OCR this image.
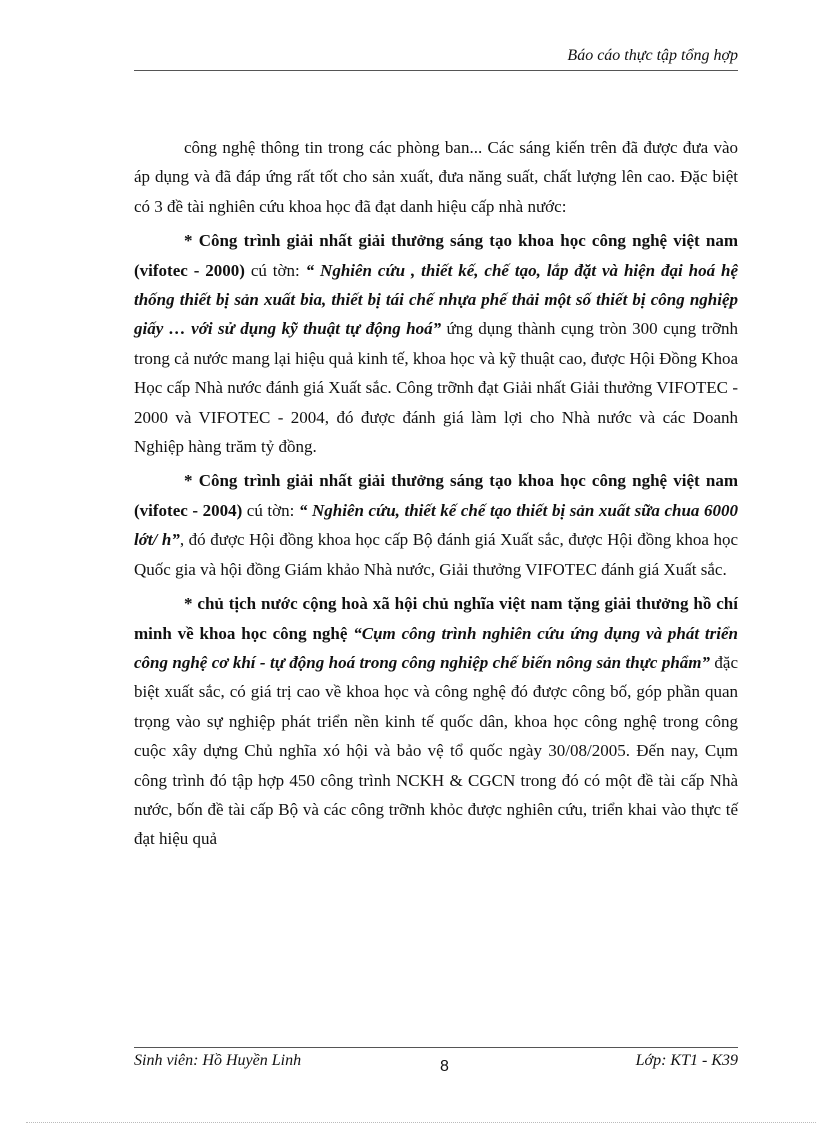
Báo cáo thực tập tổng hợp

công nghệ thông tin trong các phòng ban... Các sáng kiến trên đã được đưa vào áp dụng và đã đáp ứng rất tốt cho sản xuất, đưa năng suất, chất lượng lên cao. Đặc biệt có 3 đề tài nghiên cứu khoa học đã đạt danh hiệu cấp nhà nước:

* Công trình giải nhất giải thưởng sáng tạo khoa học công nghệ việt nam (vifotec - 2000) cú tờn: “ Nghiên cứu , thiết kế, chế tạo, lắp đặt và hiện đại hoá hệ thống thiết bị sản xuất bia, thiết bị tái chế nhựa phế thải một số thiết bị công nghiệp giấy … với sử dụng kỹ thuật tự động hoá” ứng dụng thành cụng tròn 300 cụng trỡnh trong cả nước mang lại hiệu quả kinh tế, khoa học và kỹ thuật cao, được Hội Đồng Khoa Học cấp Nhà nước đánh giá Xuất sắc. Công trỡnh đạt Giải nhất Giải thưởng VIFOTEC - 2000 và VIFOTEC - 2004, đó được đánh giá làm lợi cho Nhà nước và các Doanh Nghiệp hàng trăm tỷ đồng.

* Công trình giải nhất giải thưởng sáng tạo khoa học công nghệ việt nam (vifotec - 2004) cú tờn: “ Nghiên cứu, thiết kế chế tạo thiết bị sản xuất sữa chua 6000 lớt/ h”, đó được Hội đồng khoa học cấp Bộ đánh giá Xuất sắc, được Hội đồng khoa học Quốc gia và hội đồng Giám khảo Nhà nước, Giải thưởng VIFOTEC đánh giá Xuất sắc.

* chủ tịch nước cộng hoà xã hội chủ nghĩa việt nam tặng giải thưởng hồ chí minh về khoa học công nghệ “Cụm công trình nghiên cứu ứng dụng và phát triển công nghệ cơ khí - tự động hoá trong công nghiệp chế biến nông sản thực phẩm” đặc biệt xuất sắc, có giá trị cao về khoa học và công nghệ đó được công bố, góp phần quan trọng vào sự nghiệp phát triển nền kinh tế quốc dân, khoa học công nghệ trong công cuộc xây dựng Chủ nghĩa xó hội và bảo vệ tổ quốc ngày 30/08/2005. Đến nay, Cụm công trình đó tập hợp 450 công trình NCKH & CGCN trong đó có một đề tài cấp Nhà nước, bốn đề tài cấp Bộ và các công trỡnh khỏc được nghiên cứu, triển khai vào thực tế đạt hiệu quả

Sinh viên: Hồ Huyền Linh	8	Lớp: KT1 - K39
